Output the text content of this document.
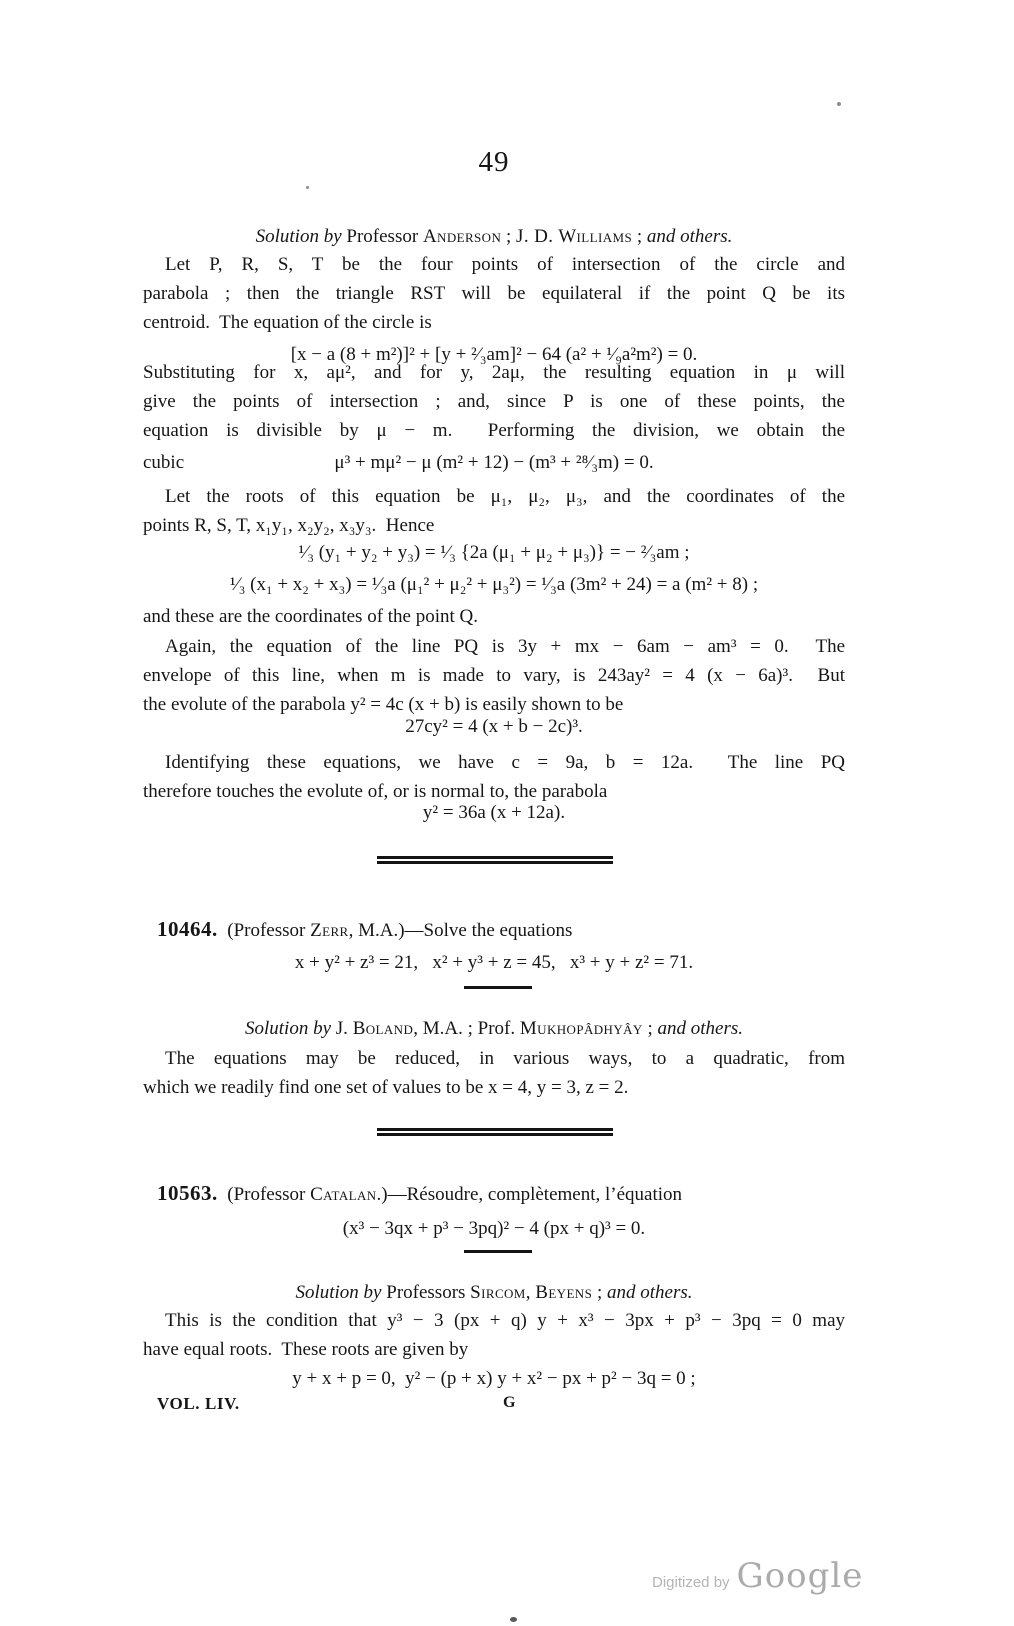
49
Solution by Professor Anderson ; J. D. Williams ; and others.
Let P, R, S, T be the four points of intersection of the circle and
parabola ; then the triangle RST will be equilateral if the point Q be its
centroid.  The equation of the circle is
[x − a (8 + m²)]² + [y + ²⁄₃am]² − 64 (a² + ¹⁄₉a²m²) = 0.
Substituting for x, aμ², and for y, 2aμ, the resulting equation in μ will
give the points of intersection ; and, since P is one of these points, the
equation is divisible by μ − m.  Performing the division, we obtain the
cubic	μ³ + mμ² − μ (m² + 12) − (m³ + ²⁸⁄₃m) = 0.
Let the roots of this equation be μ₁, μ₂, μ₃, and the coordinates of the
points R, S, T, x₁y₁, x₂y₂, x₃y₃.  Hence
¹⁄₃ (y₁ + y₂ + y₃) = ¹⁄₃ {2a (μ₁ + μ₂ + μ₃)} = − ²⁄₃am ;
¹⁄₃ (x₁ + x₂ + x₃) = ¹⁄₃a (μ₁² + μ₂² + μ₃²) = ¹⁄₃a (3m² + 24) = a (m² + 8) ;
and these are the coordinates of the point Q.
Again, the equation of the line PQ is 3y + mx − 6am − am³ = 0.  The
envelope of this line, when m is made to vary, is 243ay² = 4 (x − 6a)³.  But
the evolute of the parabola y² = 4c (x + b) is easily shown to be
27cy² = 4 (x + b − 2c)³.
Identifying these equations, we have c = 9a, b = 12a.  The line PQ
therefore touches the evolute of, or is normal to, the parabola
y² = 36a (x + 12a).
10464.  (Professor Zerr, M.A.)—Solve the equations
x + y² + z³ = 21,   x² + y³ + z = 45,   x³ + y + z² = 71.
Solution by J. Boland, M.A. ; Prof. Mukhopâdhyây ; and others.
The equations may be reduced, in various ways, to a quadratic, from
which we readily find one set of values to be x = 4, y = 3, z = 2.
10563.  (Professor Catalan.)—Résoudre, complètement, l’équation
(x³ − 3qx + p³ − 3pq)² − 4 (px + q)³ = 0.
Solution by Professors Sircom, Beyens ; and others.
This is the condition that y³ − 3 (px + q) y + x³ − 3px + p³ − 3pq = 0 may
have equal roots.  These roots are given by
y + x + p = 0,  y² − (p + x) y + x² − px + p² − 3q = 0 ;
VOL. LIV.	G
Digitized by Google
